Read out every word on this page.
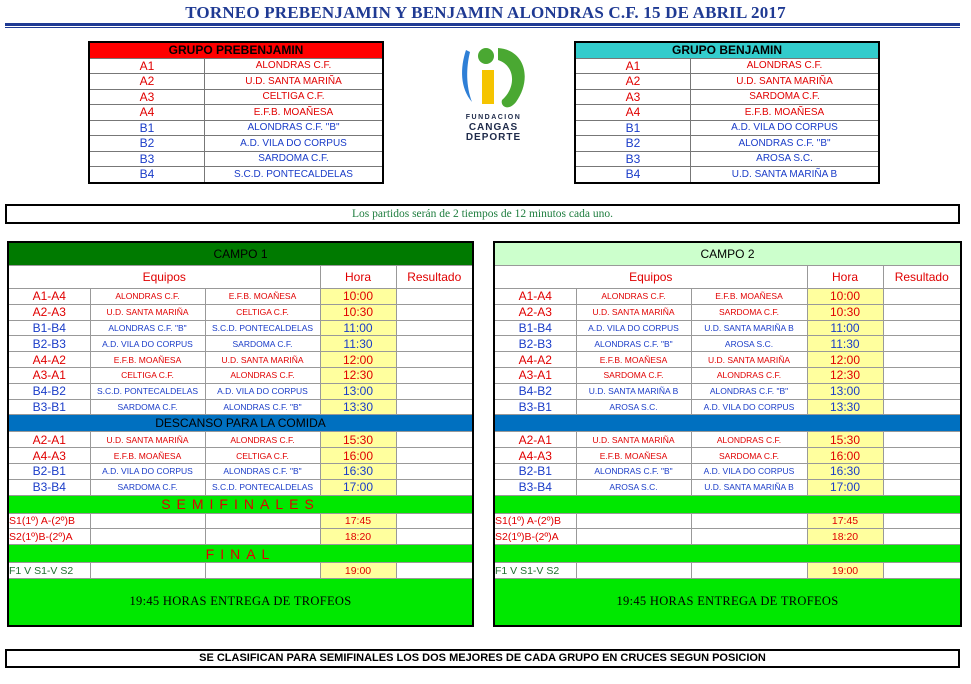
TORNEO PREBENJAMIN Y BENJAMIN ALONDRAS C.F. 15 DE ABRIL 2017
GRUPO PREBENJAMIN	
A1	ALONDRAS C.F.
A2	U.D. SANTA MARIÑA
A3	CELTIGA C.F.
A4	E.F.B. MOAÑESA
B1	ALONDRAS C.F. "B"
B2	A.D. VILA DO CORPUS
B3	SARDOMA C.F.
B4	S.C.D. PONTECALDELAS
FUNDACION
CANGAS
DEPORTE
GRUPO BENJAMIN	
A1	ALONDRAS C.F.
A2	U.D. SANTA MARIÑA
A3	SARDOMA C.F.
A4	E.F.B. MOAÑESA
B1	A.D. VILA DO CORPUS
B2	ALONDRAS C.F. "B"
B3	AROSA S.C.
B4	U.D. SANTA MARIÑA B
Los partidos serán de 2 tiempos de 12 minutos cada uno.
CAMPO 1				
Equipos			Hora	Resultado
A1-A4	ALONDRAS C.F.	E.F.B. MOAÑESA	10:00	
A2-A3	U.D. SANTA MARIÑA	CELTIGA C.F.	10:30	
B1-B4	ALONDRAS C.F. "B"	S.C.D. PONTECALDELAS	11:00	
B2-B3	A.D. VILA DO CORPUS	SARDOMA C.F.	11:30	
A4-A2	E.F.B. MOAÑESA	U.D. SANTA MARIÑA	12:00	
A3-A1	CELTIGA C.F.	ALONDRAS C.F.	12:30	
B4-B2	S.C.D. PONTECALDELAS	A.D. VILA DO CORPUS	13:00	
B3-B1	SARDOMA C.F.	ALONDRAS C.F. "B"	13:30	
DESCANSO PARA LA COMIDA				
A2-A1	U.D. SANTA MARIÑA	ALONDRAS C.F.	15:30	
A4-A3	E.F.B. MOAÑESA	CELTIGA C.F.	16:00	
B2-B1	A.D. VILA DO CORPUS	ALONDRAS C.F. "B"	16:30	
B3-B4	SARDOMA C.F.	S.C.D. PONTECALDELAS	17:00	
SEMIFINALES				
S1(1º) A-(2º)B			17:45	
S2(1º)B-(2º)A			18:20	
FINAL				
F1 V S1-V S2			19:00	
19:45 HORAS ENTREGA DE TROFEOS				
CAMPO 2				
Equipos			Hora	Resultado
A1-A4	ALONDRAS C.F.	E.F.B. MOAÑESA	10:00	
A2-A3	U.D. SANTA MARIÑA	SARDOMA C.F.	10:30	
B1-B4	A.D. VILA DO CORPUS	U.D. SANTA MARIÑA B	11:00	
B2-B3	ALONDRAS C.F. "B"	AROSA S.C.	11:30	
A4-A2	E.F.B. MOAÑESA	U.D. SANTA MARIÑA	12:00	
A3-A1	SARDOMA C.F.	ALONDRAS C.F.	12:30	
B4-B2	U.D. SANTA MARIÑA B	ALONDRAS C.F. "B"	13:00	
B3-B1	AROSA S.C.	A.D. VILA DO CORPUS	13:30	

A2-A1	U.D. SANTA MARIÑA	ALONDRAS C.F.	15:30	
A4-A3	E.F.B. MOAÑESA	SARDOMA C.F.	16:00	
B2-B1	ALONDRAS C.F. "B"	A.D. VILA DO CORPUS	16:30	
B3-B4	AROSA S.C.	U.D. SANTA MARIÑA B	17:00	

S1(1º) A-(2º)B			17:45	
S2(1º)B-(2º)A			18:20	

F1 V S1-V S2			19:00	
19:45 HORAS ENTREGA DE TROFEOS				
SE CLASIFICAN PARA SEMIFINALES LOS DOS MEJORES DE CADA GRUPO EN CRUCES SEGUN POSICION
